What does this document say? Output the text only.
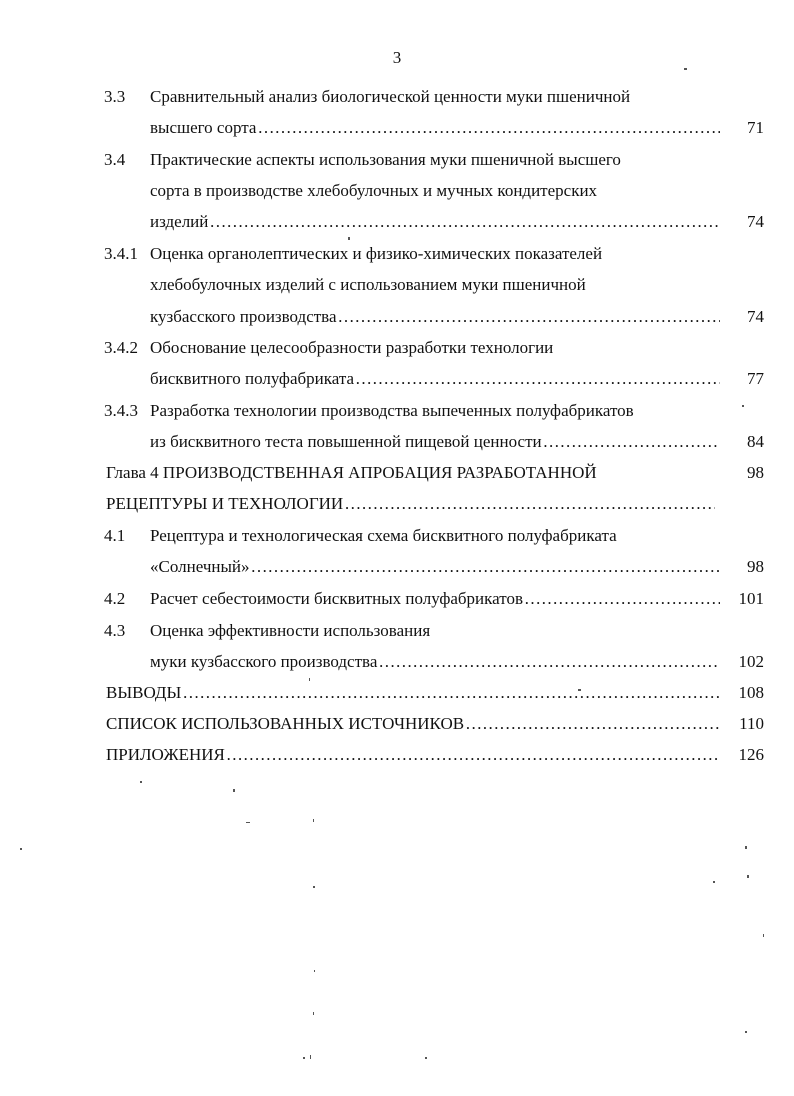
3
3.3 Сравнительный анализ биологической ценности муки пшеничной
высшего сорта ………………………………………………………………………………………………………………………………………………………………………………	71
3.4 Практические аспекты использования муки пшеничной высшего
сорта в производстве хлебобулочных и мучных кондитерских
изделий ………………………………………………………………………………………………………………………………………………………………………………	74
3.4.1 Оценка органолептических и физико-химических показателей
хлебобулочных изделий с использованием муки пшеничной
кузбасского производства ………………………………………………………………………………………………………………………………………………………………………………	74
3.4.2 Обоснование целесообразности разработки технологии
бисквитного полуфабриката ………………………………………………………………………………………………………………………………………………………………………………	77
3.4.3 Разработка технологии производства выпеченных полуфабрикатов
из бисквитного теста повышенной пищевой ценности ………………………………………………………………………………………………………………………………………………………………………………	84
Глава 4 ПРОИЗВОДСТВЕННАЯ АПРОБАЦИЯ РАЗРАБОТАННОЙ	98
РЕЦЕПТУРЫ И ТЕХНОЛОГИИ
………………………………………………………………………………………………………………………………………………………………………………
4.1 Рецептура и технологическая схема бисквитного полуфабриката
«Солнечный» ………………………………………………………………………………………………………………………………………………………………………………	98
4.2 Расчет себестоимости бисквитных полуфабрикатов ………………………………………………………………………………………………………………………………………………………………………………	101
4.3 Оценка эффективности использования
муки кузбасского производства ………………………………………………………………………………………………………………………………………………………………………………	102
ВЫВОДЫ ………………………………………………………………………………………………………………………………………………………………………………	108
СПИСОК ИСПОЛЬЗОВАННЫХ ИСТОЧНИКОВ ………………………………………………………………………………………………………………………………………………………………………………	110
ПРИЛОЖЕНИЯ ………………………………………………………………………………………………………………………………………………………………………………	126
